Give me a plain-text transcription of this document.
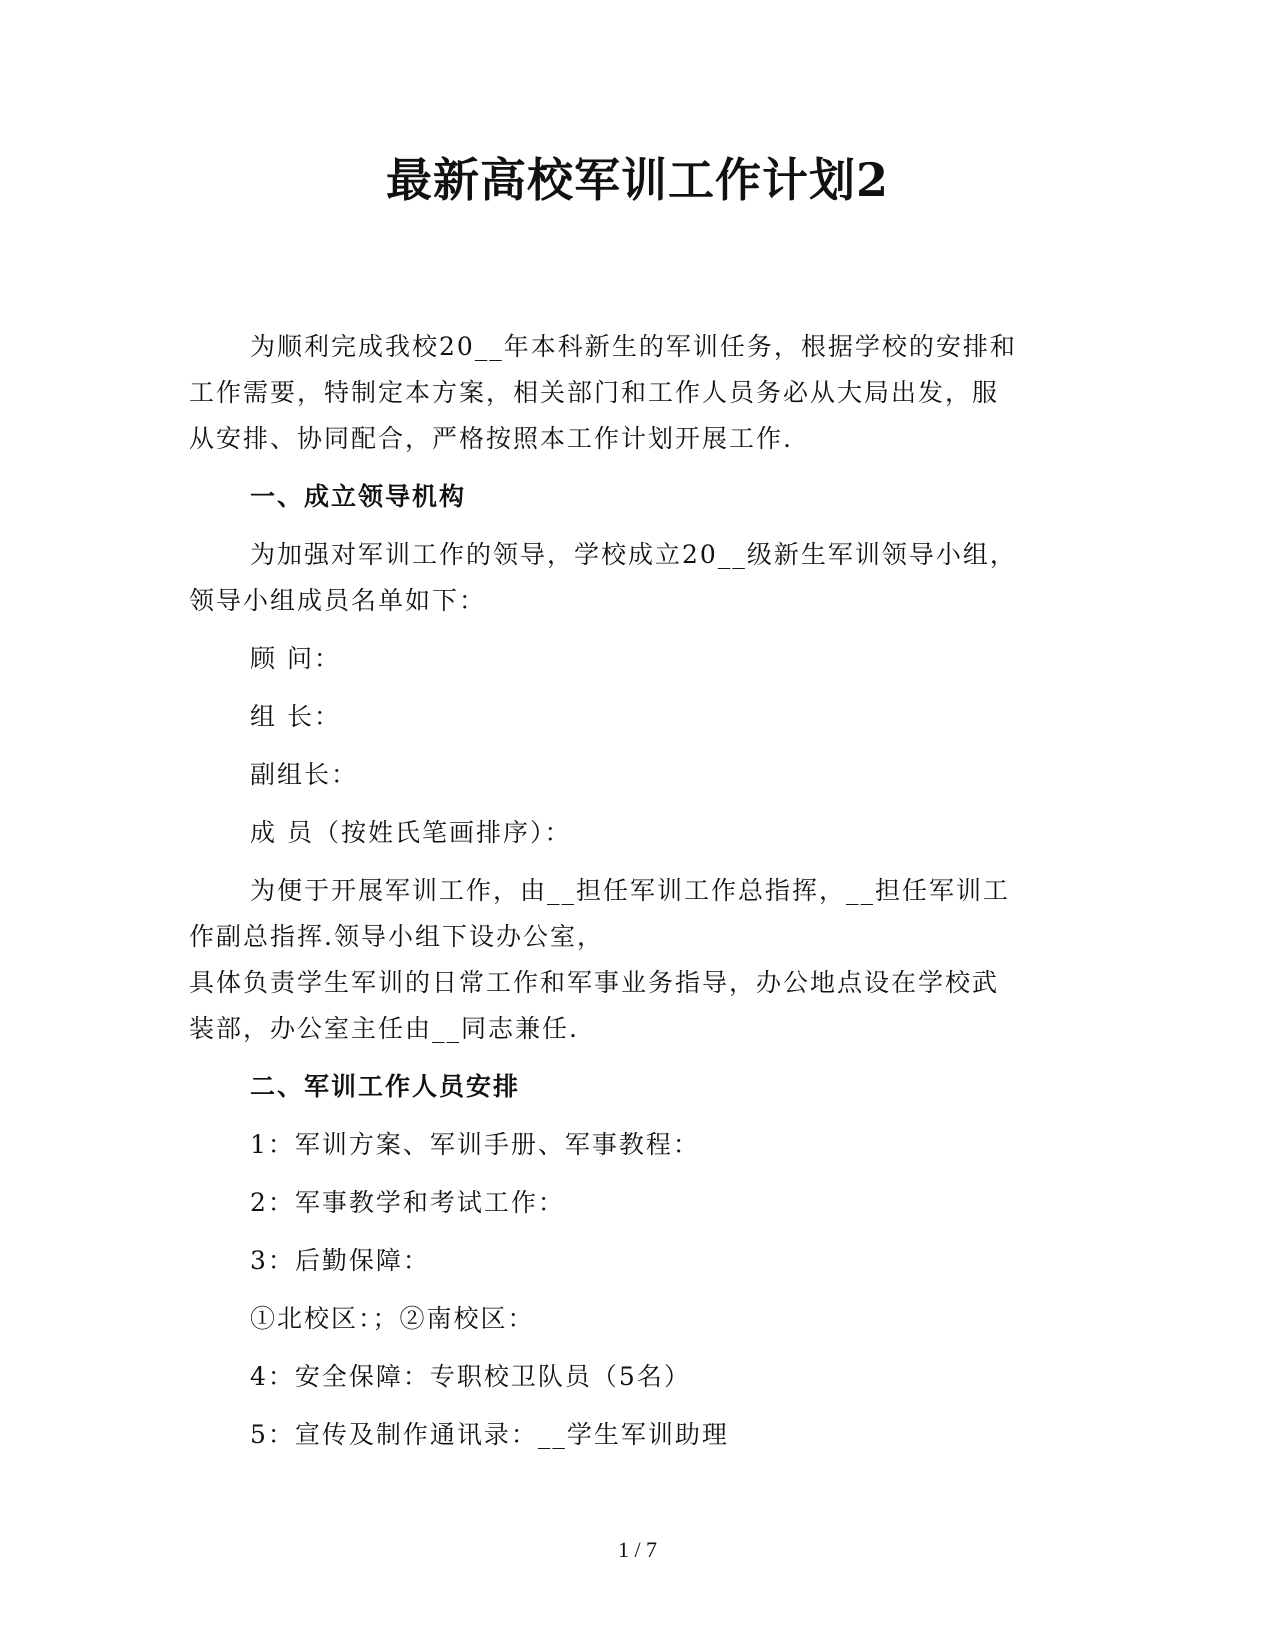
最新高校军训工作计划2
为顺利完成我校20__年本科新生的军训任务，根据学校的安排和
工作需要，特制定本方案，相关部门和工作人员务必从大局出发，服
从安排、协同配合，严格按照本工作计划开展工作.
一、成立领导机构
为加强对军训工作的领导，学校成立20__级新生军训领导小组，
领导小组成员名单如下：
顾 问：
组 长：
副组长：
成 员（按姓氏笔画排序）：
为便于开展军训工作，由__担任军训工作总指挥，__担任军训工
作副总指挥.领导小组下设办公室，
具体负责学生军训的日常工作和军事业务指导，办公地点设在学校武
装部，办公室主任由__同志兼任.
二、军训工作人员安排
1：军训方案、军训手册、军事教程：
2：军事教学和考试工作：
3：后勤保障：
①北校区：；②南校区：
4：安全保障：专职校卫队员（5名）
5：宣传及制作通讯录：__学生军训助理
1 / 7
